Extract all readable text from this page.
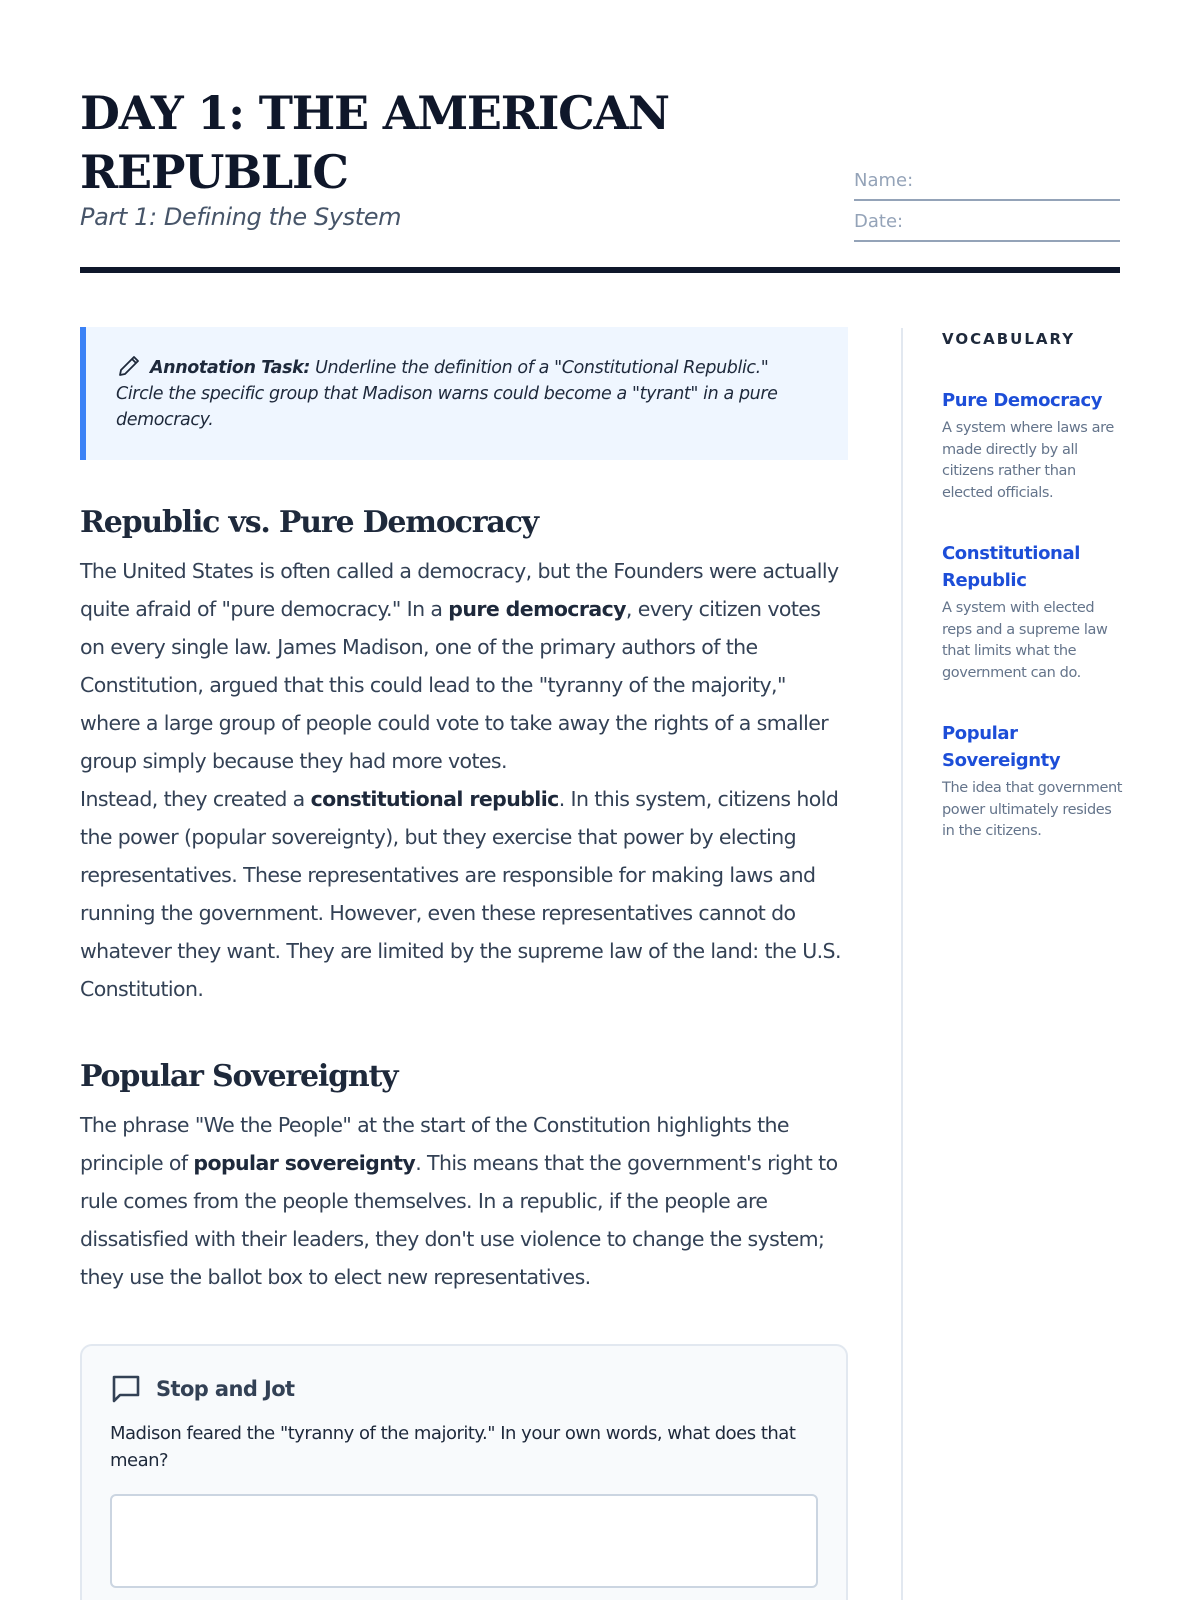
DAY 1: THE AMERICAN REPUBLIC
Part 1: Defining the System
Name:
Date:
Annotation Task: Underline the definition of a "Constitutional Republic." Circle the specific group that Madison warns could become a "tyrant" in a pure democracy.
Republic vs. Pure Democracy

The United States is often called a democracy, but the Founders were actually quite afraid of "pure democracy." In a pure democracy, every citizen votes on every single law. James Madison, one of the primary authors of the Constitution, argued that this could lead to the "tyranny of the majority," where a large group of people could vote to take away the rights of a smaller group simply because they had more votes.

Instead, they created a constitutional republic. In this system, citizens hold the power (popular sovereignty), but they exercise that power by electing representatives. These representatives are responsible for making laws and running the government. However, even these representatives cannot do whatever they want. They are limited by the supreme law of the land: the U.S. Constitution.

Popular Sovereignty

The phrase "We the People" at the start of the Constitution highlights the principle of popular sovereignty. This means that the government's right to rule comes from the people themselves. In a republic, if the people are dissatisfied with their leaders, they don't use violence to change the system; they use the ballot box to elect new representatives.

Stop and Jot
Madison feared the "tyranny of the majority." In your own words, what does that mean?
VOCABULARY
Pure Democracy
A system where laws are made directly by all citizens rather than elected officials.
Constitutional Republic
A system with elected reps and a supreme law that limits what the government can do.
Popular Sovereignty
The idea that government power ultimately resides in the citizens.
